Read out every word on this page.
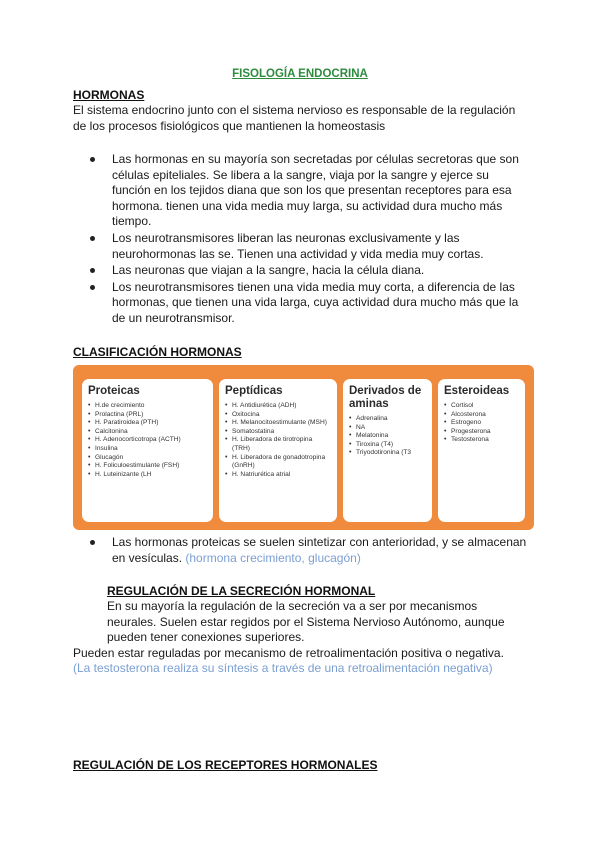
FISOLOGÍA ENDOCRINA
HORMONAS
El sistema endocrino junto con el sistema nervioso es responsable de la regulación de los procesos fisiológicos que mantienen la homeostasis
Las hormonas en su mayoría son secretadas por células secretoras que son células epiteliales. Se libera a la sangre, viaja por la sangre y ejerce su función en los tejidos diana que son los que presentan receptores para esa hormona. tienen una vida media muy larga, su actividad dura mucho más tiempo.
Los neurotransmisores liberan las neuronas exclusivamente y las neurohormonas las se. Tienen una actividad y vida media muy cortas.
Las neuronas que viajan a la sangre, hacia la célula diana.
Los neurotransmisores tienen una vida media muy corta, a diferencia de las hormonas, que tienen una vida larga, cuya actividad dura mucho más que la de un neurotransmisor.
CLASIFICACIÓN HORMONAS
Proteicas
• H.de crecimiento
• Prolactina (PRL)
• H. Paratiroidea (PTH)
• Calcitonina
• H. Adenocorticotropa (ACTH)
• Insulina
• Glucagón
• H. Foliculoestimulante (FSH)
• H. Luteinizante (LH
Peptídicas
• H. Antidiurética (ADH)
• Oxitocina
• H. Melanocitoestimulante (MSH)
• Somatostatina
• H. Liberadora de tirotropina (TRH)
• H. Liberadora de gonadotropina (GnRH)
• H. Natriurética atrial
Derivados de aminas
• Adrenalina
• NA
• Melatonina
• Tiroxina (T4)
• Triyodotironina (T3
Esteroideas
• Cortisol
• Alcosterona
• Estrogeno
• Progesterona
• Testosterona
Las hormonas proteicas se suelen sintetizar con anterioridad, y se almacenan en vesículas. (hormona crecimiento, glucagón)
REGULACIÓN DE LA SECRECIÓN HORMONAL
En su mayoría la regulación de la secreción va a ser por mecanismos neurales. Suelen estar regidos por el Sistema Nervioso Autónomo, aunque pueden tener conexiones superiores.
Pueden estar reguladas por mecanismo de retroalimentación positiva o negativa.
(La testosterona realiza su síntesis a través de una retroalimentación negativa)
REGULACIÓN DE LOS RECEPTORES HORMONALES
